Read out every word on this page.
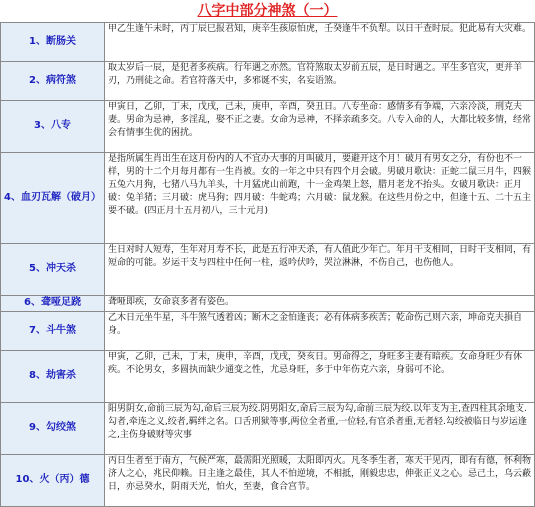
八字中部分神煞（一）
1、断肠关	甲乙生逢午未时，丙丁辰巳报君知，庚辛生孩原怕虎，壬癸逢牛不负犁。以日干查时辰。犯此易有大灾难。
2、病符煞	取太岁后一辰，是犯者多疾病。行年遇之亦然。官符煞取太岁前五辰，是日时遇之。平生多官灾，更并羊刃，乃刑徒之命。若官符落天中，多邪诞不实，名妄语煞。
3、八专	甲寅日，乙卯，丁未，戊戌，己未，庚申，辛酉，癸丑日。八专坐命：感情多有争端，六亲冷淡，刑克夫妻。男命为忌神，多淫乱，娶不正之妻。女命为忌神，不择亲疏多交。八专入命的人，大都比较多情，经常会有情事生优的困扰。
4、血刃瓦解（破月）	是指所属生肖出生在这月份内的人不宜办大事的月叫破月，要避开这个月！破月有男女之分，有份也不一样，男的十二个月每月都有一生肖被。女的一年之中只有四个月会破。男破月歌诀：正蛇二鼠三月牛，四猴五兔六月狗，七猪八马九羊头，十月猛虎山前跑，十一金鸡架上怒，腊月老龙不抬头。女破月歌诀：正月破：兔羊猪；三月破：虎马狗；四月破：牛蛇鸡；六月破：鼠龙猴。在这些月份之中，但逢十五、二十五主要不破。(四正月十五月初八，三十元月)
5、冲天杀	生日对时人短寿，生年对月寿不长，此是五行冲天杀，有人值此少年亡。年月干支相同，日时干支相同，有短命的可能。岁运干支与四柱中任何一柱，返吟伏吟，哭泣淋淋，不伤自己，也伤他人。
6、聋哑足跷	聋哑即疾，女命哀多者有姿色。
7、斗牛煞	乙木日元坐牛星，斗牛煞气透着凶；断木之金怕逢丧；必有体病多疾苦；乾命伤己则六亲，坤命克夫損自身。
8、劫害杀	甲寅，乙卯，己未，丁未，庚申，辛酉，戊戌，癸亥日。男命得之，身旺多主妻有暗疾。女命身旺少有休疾。不论男女，多圆执而缺少通变之性，尤忌身旺，多于中年伤克六亲，身弱可不论。
9、勾绞煞	阳男阴女,命前三辰为勾,命后三辰为绞.阴男阳女,命后三辰为勾,命前三辰为绞.以年支为主,查四柱其余地支.勾者,牵连之义,绞者,羁绊之名。口舌刑狱等事,两位全者重,一位轻,有官杀者重,无者轻.勾绞被临日与岁运逢之,主伤身破财等灾事
10、火（丙）德	丙日生者至于南方，气候严寒，最需阳光照暖，太阳即丙火。凡冬季生者，寒天干见丙，即有有德，怀利物济人之心，兆民仰赖。日主逢之最佳，其人不怕逆境，不相抵，刚毅忠忠，伸张正义之心。忌己土，乌云蔽日，亦忌癸水，阴雨天光，怕火，至妻，食合宫节。
